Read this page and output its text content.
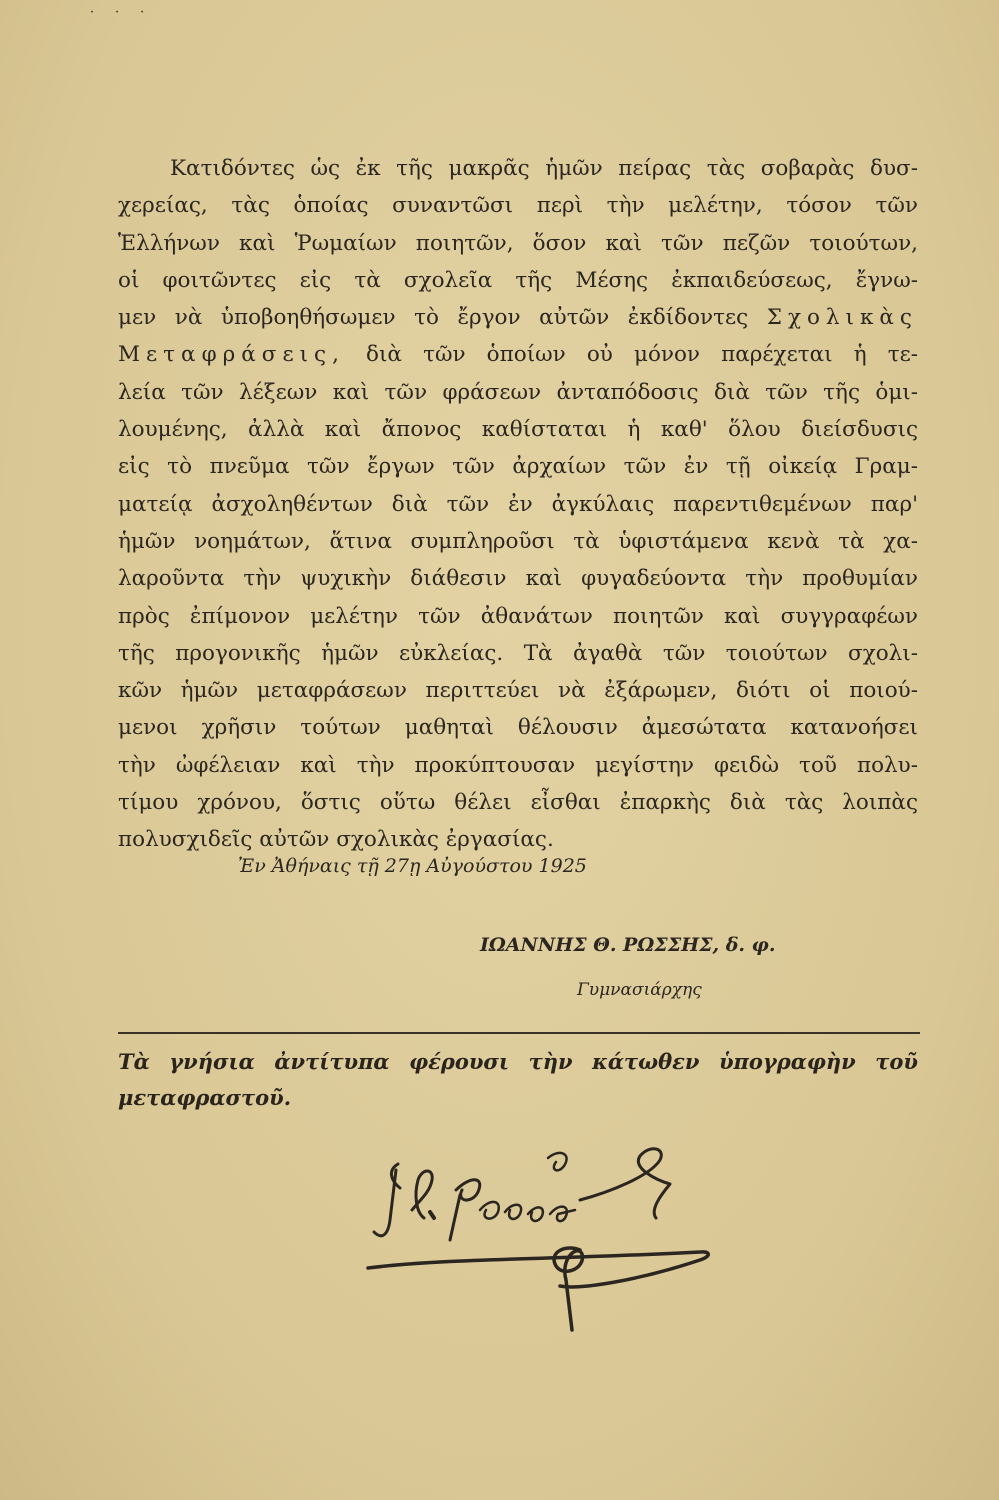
˙ ˙ ˙
Κατιδόντες ὡς ἐκ τῆς μακρᾶς ἡμῶν πείρας τὰς σοβαρὰς δυσ-
χερείας, τὰς ὁποίας συναντῶσι περὶ τὴν μελέτην, τόσον τῶν
Ἑλλήνων καὶ Ῥωμαίων ποιητῶν, ὅσον καὶ τῶν πεζῶν τοιούτων,
οἱ φοιτῶντες εἰς τὰ σχολεῖα τῆς Μέσης ἐκπαιδεύσεως, ἔγνω-
μεν νὰ ὑποβοηθήσωμεν τὸ ἔργον αὐτῶν ἐκδίδοντες Σχολικὰς
Μεταφράσεις, διὰ τῶν ὁποίων οὐ μόνον παρέχεται ἡ τε-
λεία τῶν λέξεων καὶ τῶν φράσεων ἀνταπόδοσις διὰ τῶν τῆς ὁμι-
λουμένης, ἀλλὰ καὶ ἄπονος καθίσταται ἡ καθ' ὅλου διείσδυσις
εἰς τὸ πνεῦμα τῶν ἔργων τῶν ἀρχαίων τῶν ἐν τῇ οἰκείᾳ Γραμ-
ματείᾳ ἀσχοληθέντων διὰ τῶν ἐν ἀγκύλαις παρεντιθεμένων παρ'
ἡμῶν νοημάτων, ἅτινα συμπληροῦσι τὰ ὑφιστάμενα κενὰ τὰ χα-
λαροῦντα τὴν ψυχικὴν διάθεσιν καὶ φυγαδεύοντα τὴν προθυμίαν
πρὸς ἐπίμονον μελέτην τῶν ἀθανάτων ποιητῶν καὶ συγγραφέων
τῆς προγονικῆς ἡμῶν εὐκλείας. Τὰ ἀγαθὰ τῶν τοιούτων σχολι-
κῶν ἡμῶν μεταφράσεων περιττεύει νὰ ἐξάρωμεν, διότι οἱ ποιού-
μενοι χρῆσιν τούτων μαθηταὶ θέλουσιν ἀμεσώτατα κατανοήσει
τὴν ὠφέλειαν καὶ τὴν προκύπτουσαν μεγίστην φειδὼ τοῦ πολυ-
τίμου χρόνου, ὅστις οὕτω θέλει εἶσθαι ἐπαρκὴς διὰ τὰς λοιπὰς
πολυσχιδεῖς αὐτῶν σχολικὰς ἐργασίας.
Ἐν Ἀθήναις τῇ 27ῃ Αὐγούστου 1925
ΙΩΑΝΝΗΣ Θ. ΡΩΣΣΗΣ, δ. φ.
Γυμνασιάρχης
Τὰ γνήσια ἀντίτυπα φέρουσι τὴν κάτωθεν ὑπογραφὴν τοῦ
μεταφραστοῦ.
